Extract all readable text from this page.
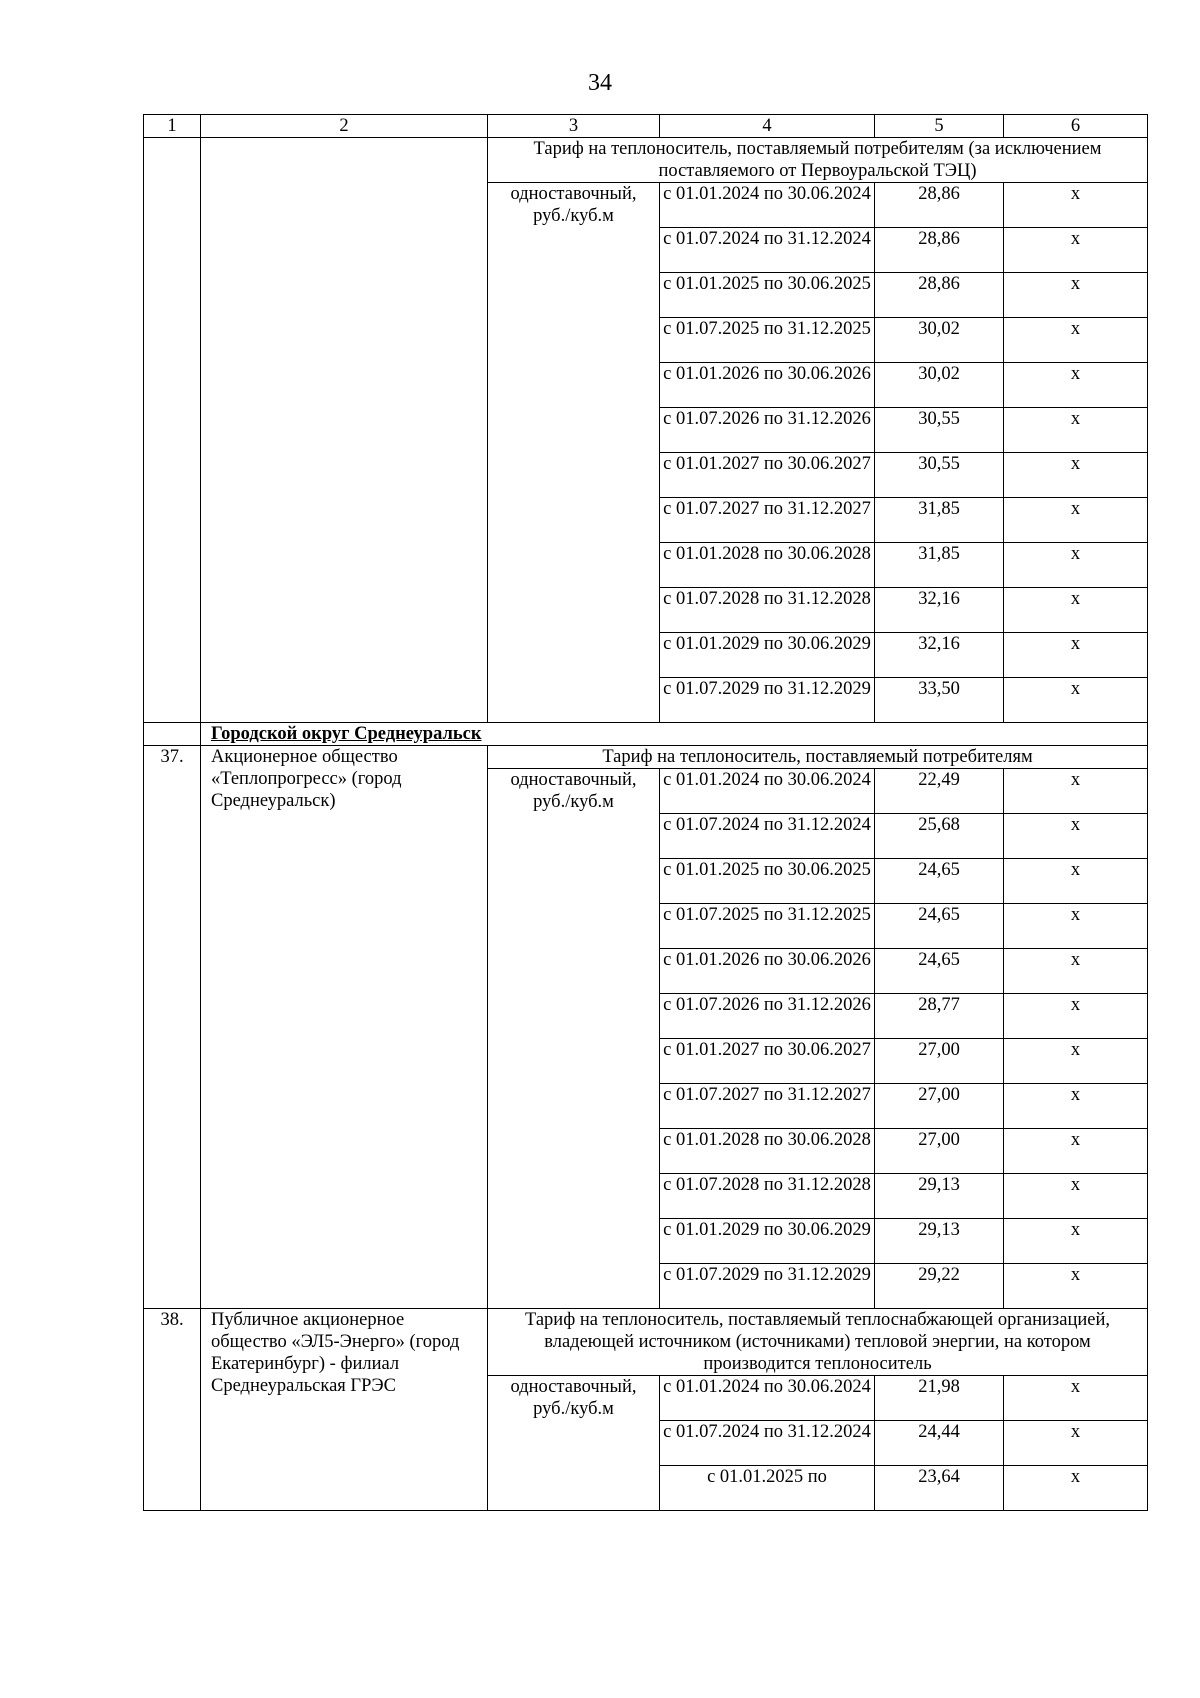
34
1	2	3	4	5	6
		Тариф на теплоноситель, поставляемый потребителям (за исключением поставляемого от Первоуральской ТЭЦ)			
		одноставочный, руб./куб.м	с 01.01.2024 по 30.06.2024	28,86	х
			с 01.07.2024 по 31.12.2024	28,86	х
			с 01.01.2025 по 30.06.2025	28,86	х
			с 01.07.2025 по 31.12.2025	30,02	х
			с 01.01.2026 по 30.06.2026	30,02	х
			с 01.07.2026 по 31.12.2026	30,55	х
			с 01.01.2027 по 30.06.2027	30,55	х
			с 01.07.2027 по 31.12.2027	31,85	х
			с 01.01.2028 по 30.06.2028	31,85	х
			с 01.07.2028 по 31.12.2028	32,16	х
			с 01.01.2029 по 30.06.2029	32,16	х
			с 01.07.2029 по 31.12.2029	33,50	х
	Городской округ Среднеуральск				
37.	Акционерное общество «Теплопрогресс» (город Среднеуральск)	Тариф на теплоноситель, поставляемый потребителям			
		одноставочный, руб./куб.м	с 01.01.2024 по 30.06.2024	22,49	х
			с 01.07.2024 по 31.12.2024	25,68	х
			с 01.01.2025 по 30.06.2025	24,65	х
			с 01.07.2025 по 31.12.2025	24,65	х
			с 01.01.2026 по 30.06.2026	24,65	х
			с 01.07.2026 по 31.12.2026	28,77	х
			с 01.01.2027 по 30.06.2027	27,00	х
			с 01.07.2027 по 31.12.2027	27,00	х
			с 01.01.2028 по 30.06.2028	27,00	х
			с 01.07.2028 по 31.12.2028	29,13	х
			с 01.01.2029 по 30.06.2029	29,13	х
			с 01.07.2029 по 31.12.2029	29,22	х
38.	Публичное акционерное общество «ЭЛ5-Энерго» (город Екатеринбург) - филиал Среднеуральская ГРЭС	Тариф на теплоноситель, поставляемый теплоснабжающей организацией, владеющей источником (источниками) тепловой энергии, на котором производится теплоноситель			
		одноставочный, руб./куб.м	с 01.01.2024 по 30.06.2024	21,98	х
			с 01.07.2024 по 31.12.2024	24,44	х
			с 01.01.2025 по	23,64	х
